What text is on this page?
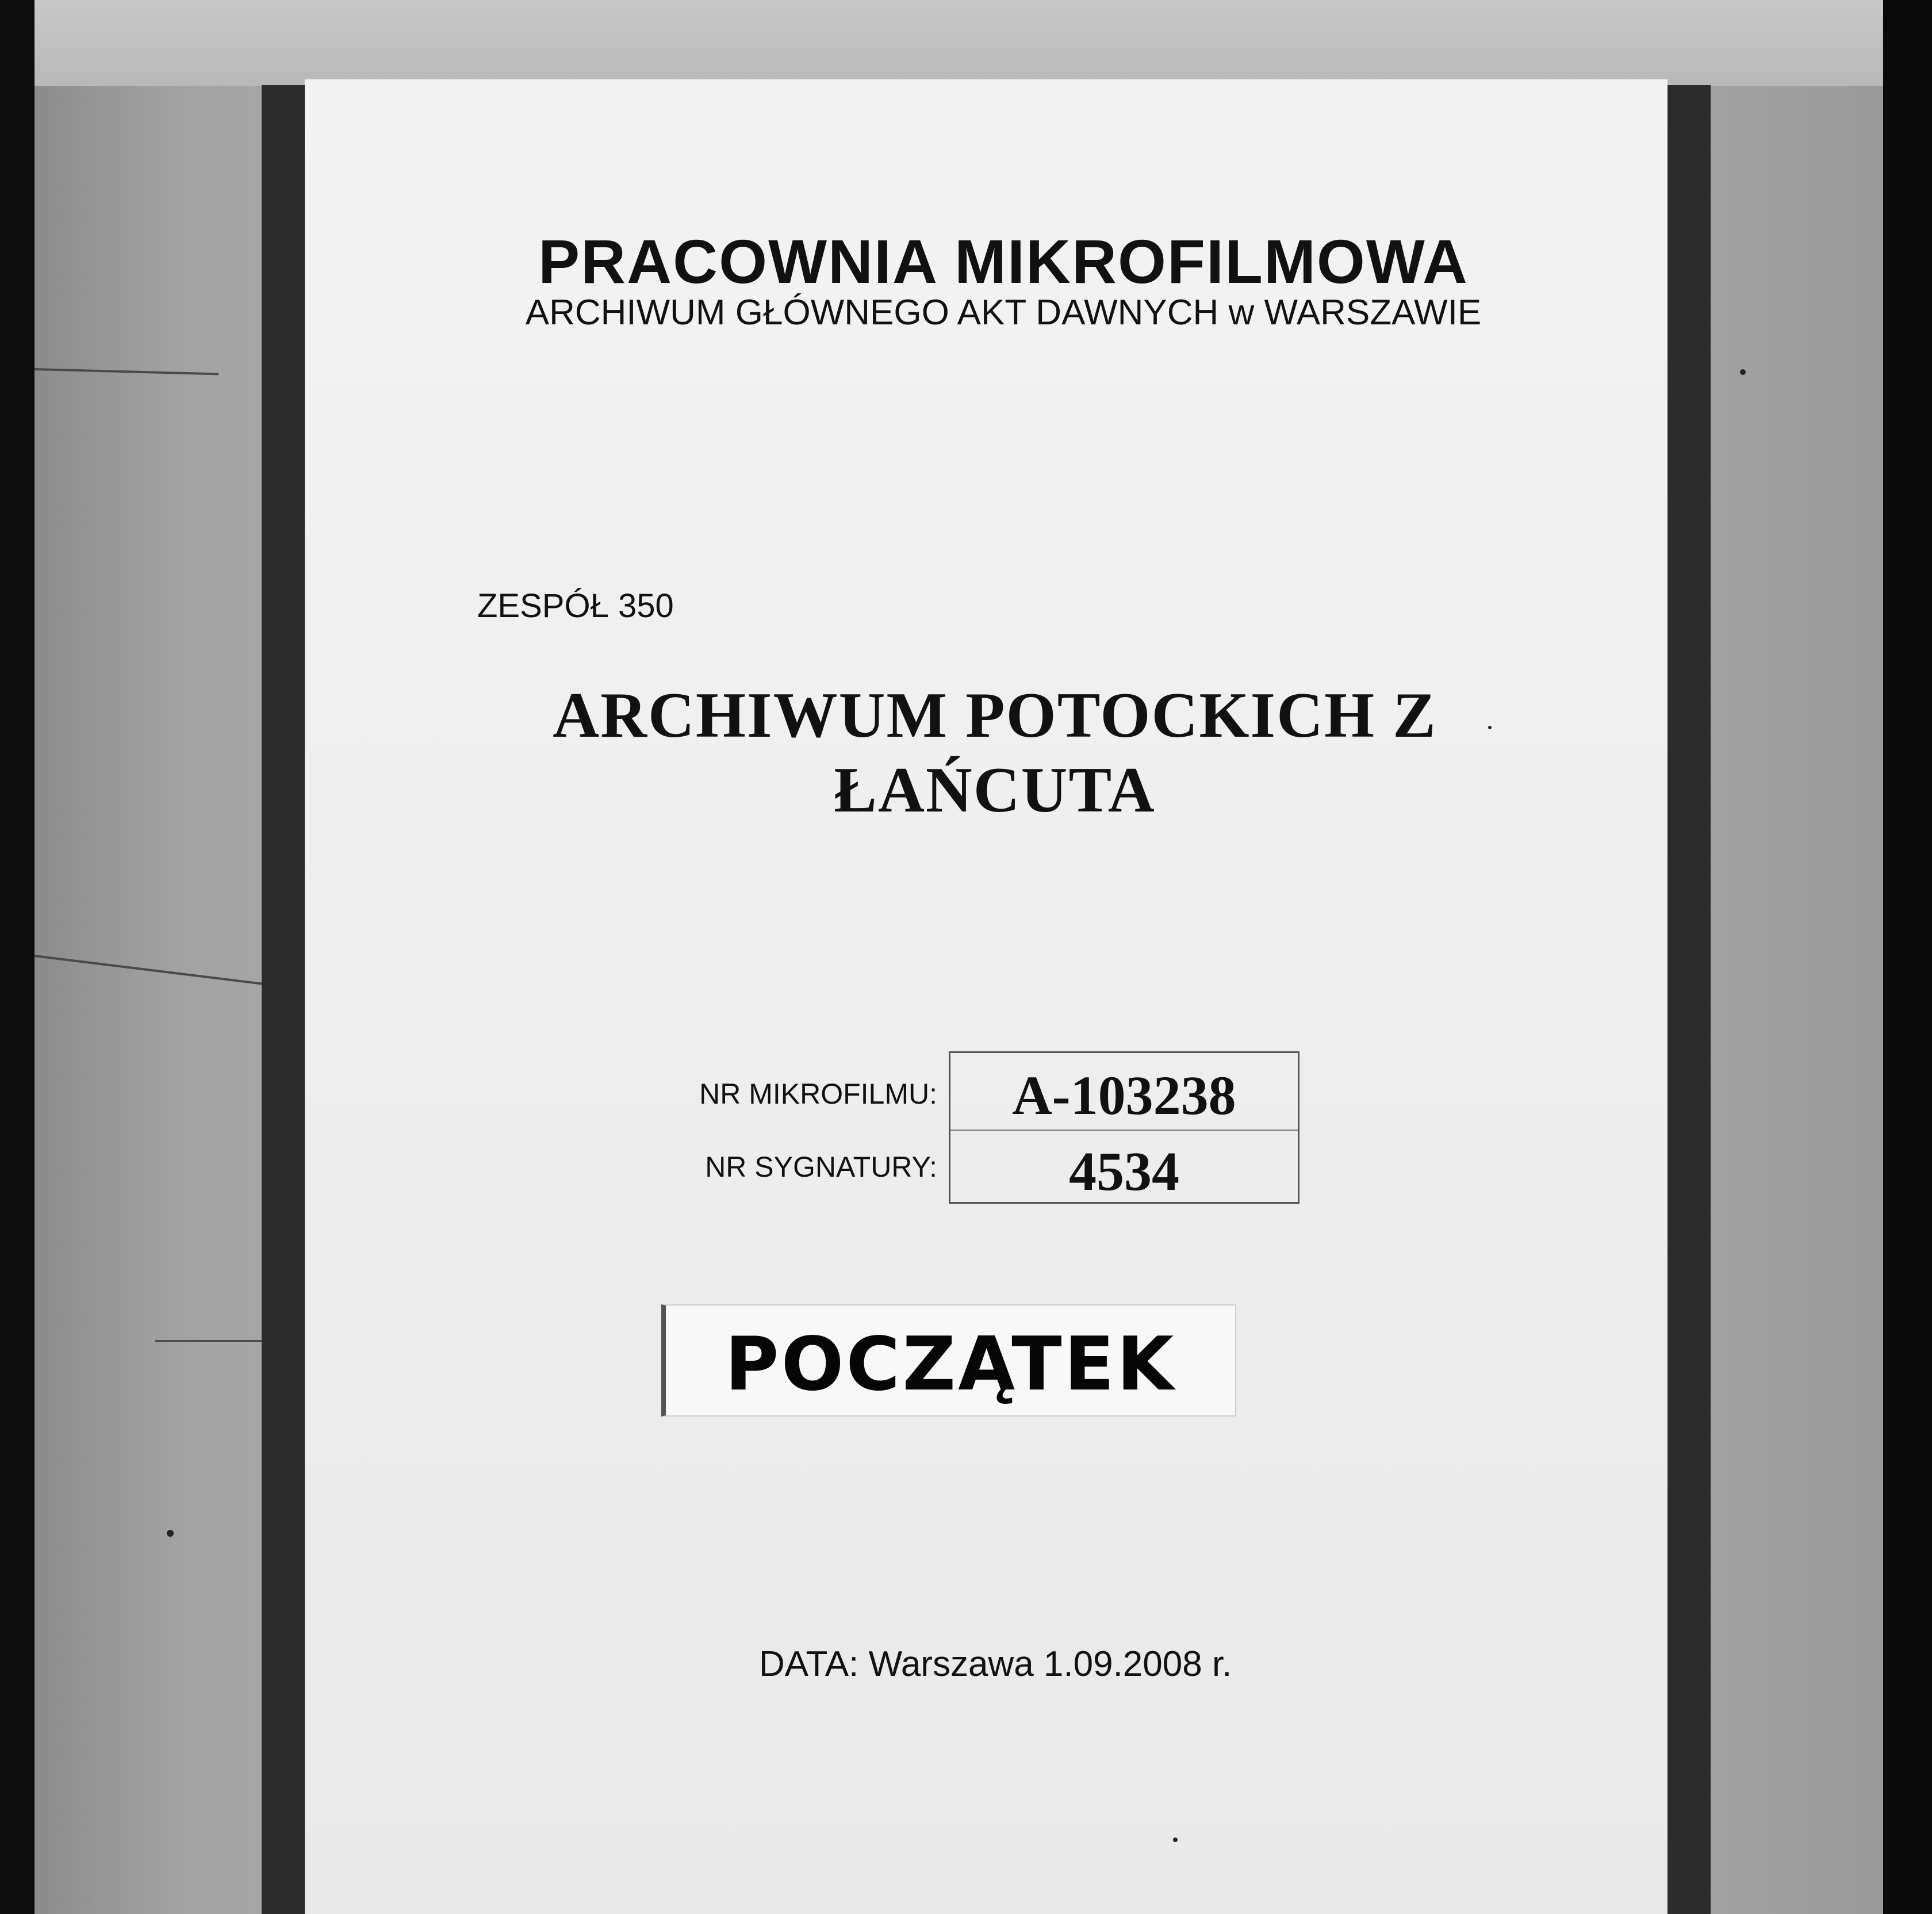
PRACOWNIA MIKROFILMOWA
ARCHIWUM GŁÓWNEGO AKT DAWNYCH w WARSZAWIE
ZESPÓŁ 350
ARCHIWUM POTOCKICH Z
ŁAŃCUTA
NR MIKROFILMU:
NR SYGNATURY:
A-103238
4534
POCZĄTEK
DATA: Warszawa 1.09.2008 r.
